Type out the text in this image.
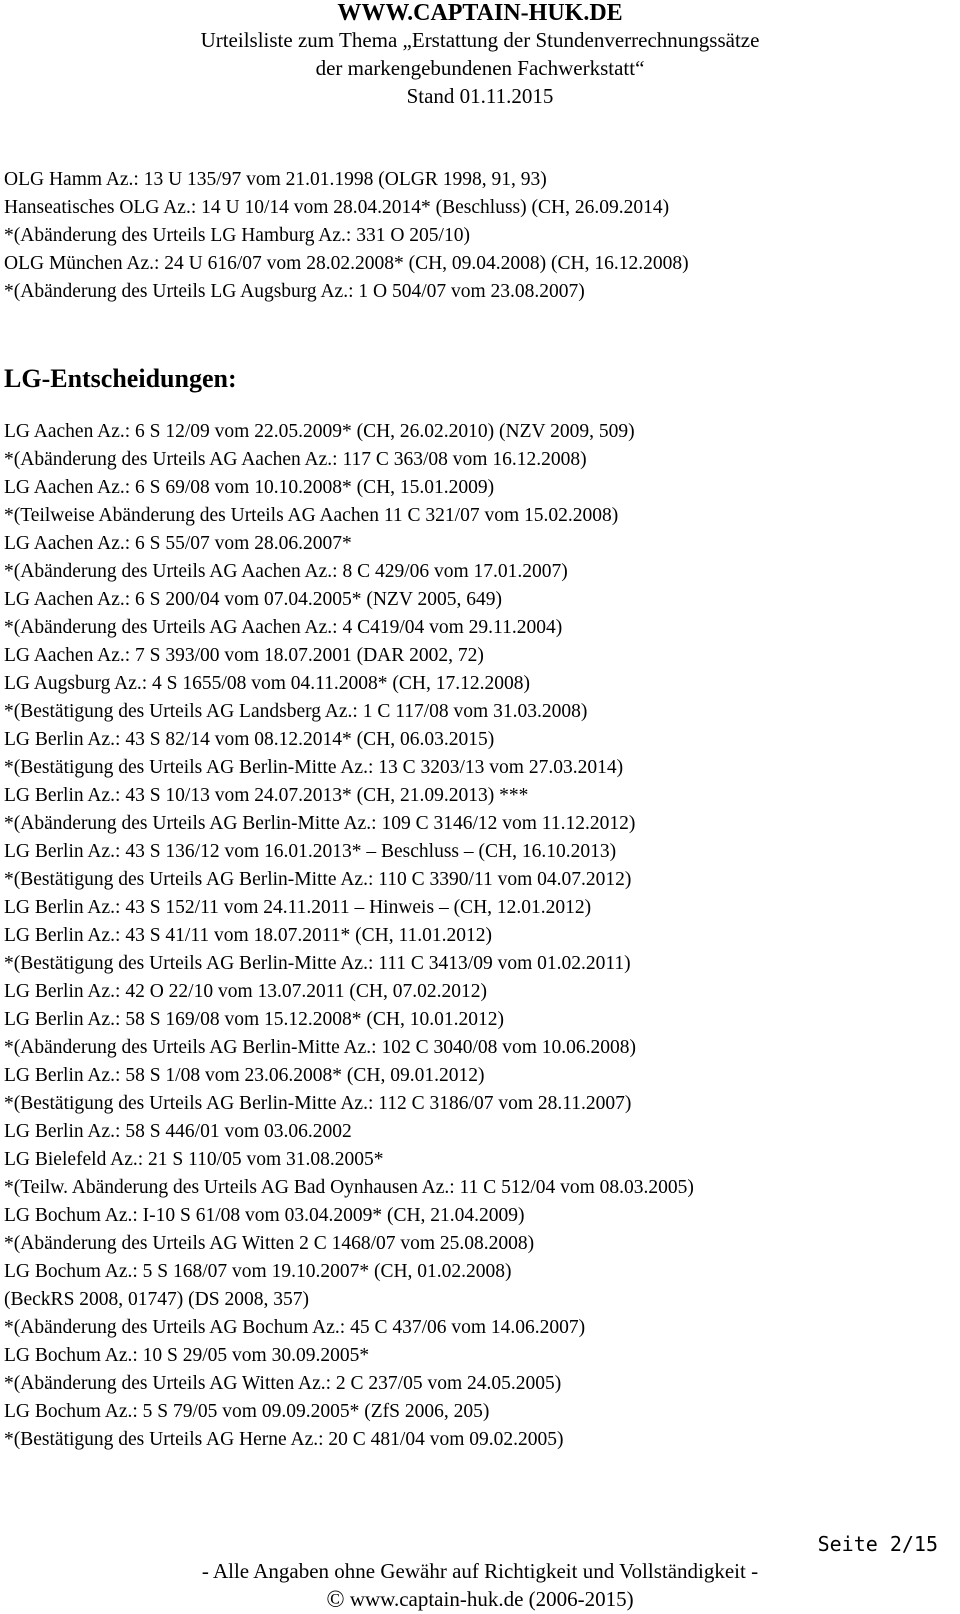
WWW.CAPTAIN-HUK.DE
Urteilsliste zum Thema „Erstattung der Stundenverrechnungssätze
der markengebundenen Fachwerkstatt“
Stand 01.11.2015
OLG Hamm Az.: 13 U 135/97 vom 21.01.1998 (OLGR 1998, 91, 93)
Hanseatisches OLG Az.: 14 U 10/14 vom 28.04.2014* (Beschluss) (CH, 26.09.2014)
*(Abänderung des Urteils LG Hamburg Az.: 331 O 205/10)
OLG München Az.: 24 U 616/07 vom 28.02.2008* (CH, 09.04.2008) (CH, 16.12.2008)
*(Abänderung des Urteils LG Augsburg Az.: 1 O 504/07 vom 23.08.2007)
LG-Entscheidungen:
LG Aachen Az.: 6 S 12/09 vom 22.05.2009* (CH, 26.02.2010) (NZV 2009, 509)
*(Abänderung des Urteils AG Aachen Az.: 117 C 363/08 vom 16.12.2008)
LG Aachen Az.: 6 S 69/08 vom 10.10.2008* (CH, 15.01.2009)
*(Teilweise Abänderung des Urteils AG Aachen 11 C 321/07 vom 15.02.2008)
LG Aachen Az.: 6 S 55/07 vom 28.06.2007*
*(Abänderung des Urteils AG Aachen Az.: 8 C 429/06 vom 17.01.2007)
LG Aachen Az.: 6 S 200/04 vom 07.04.2005* (NZV 2005, 649)
*(Abänderung des Urteils AG Aachen Az.: 4 C419/04 vom 29.11.2004)
LG Aachen Az.: 7 S 393/00 vom 18.07.2001 (DAR 2002, 72)
LG Augsburg Az.: 4 S 1655/08 vom 04.11.2008* (CH, 17.12.2008)
*(Bestätigung des Urteils AG Landsberg Az.: 1 C 117/08 vom 31.03.2008)
LG Berlin Az.: 43 S 82/14 vom 08.12.2014* (CH, 06.03.2015)
*(Bestätigung des Urteils AG Berlin-Mitte Az.: 13 C 3203/13 vom 27.03.2014)
LG Berlin Az.: 43 S 10/13 vom 24.07.2013* (CH, 21.09.2013) ***
*(Abänderung des Urteils AG Berlin-Mitte Az.: 109 C 3146/12 vom 11.12.2012)
LG Berlin Az.: 43 S 136/12 vom 16.01.2013* – Beschluss – (CH, 16.10.2013)
*(Bestätigung des Urteils AG Berlin-Mitte Az.: 110 C 3390/11 vom 04.07.2012)
LG Berlin Az.: 43 S 152/11 vom 24.11.2011 – Hinweis – (CH, 12.01.2012)
LG Berlin Az.: 43 S 41/11 vom 18.07.2011* (CH, 11.01.2012)
*(Bestätigung des Urteils AG Berlin-Mitte Az.: 111 C 3413/09 vom 01.02.2011)
LG Berlin Az.: 42 O 22/10 vom 13.07.2011 (CH, 07.02.2012)
LG Berlin Az.: 58 S 169/08 vom 15.12.2008* (CH, 10.01.2012)
*(Abänderung des Urteils AG Berlin-Mitte Az.: 102 C 3040/08 vom 10.06.2008)
LG Berlin Az.: 58 S 1/08 vom 23.06.2008* (CH, 09.01.2012)
*(Bestätigung des Urteils AG Berlin-Mitte Az.: 112 C 3186/07 vom 28.11.2007)
LG Berlin Az.: 58 S 446/01 vom 03.06.2002
LG Bielefeld Az.: 21 S 110/05 vom 31.08.2005*
*(Teilw. Abänderung des Urteils AG Bad Oynhausen Az.: 11 C 512/04 vom 08.03.2005)
LG Bochum Az.: I-10 S 61/08 vom 03.04.2009* (CH, 21.04.2009)
*(Abänderung des Urteils AG Witten 2 C 1468/07 vom 25.08.2008)
LG Bochum Az.: 5 S 168/07 vom 19.10.2007* (CH, 01.02.2008)
(BeckRS 2008, 01747) (DS 2008, 357)
*(Abänderung des Urteils AG Bochum Az.: 45 C 437/06 vom 14.06.2007)
LG Bochum Az.: 10 S 29/05 vom 30.09.2005*
*(Abänderung des Urteils AG Witten Az.: 2 C 237/05 vom 24.05.2005)
LG Bochum Az.: 5 S 79/05 vom 09.09.2005* (ZfS 2006, 205)
*(Bestätigung des Urteils AG Herne Az.: 20 C 481/04 vom 09.02.2005)
Seite 2/15
- Alle Angaben ohne Gewähr auf Richtigkeit und Vollständigkeit -
© www.captain-huk.de (2006-2015)
